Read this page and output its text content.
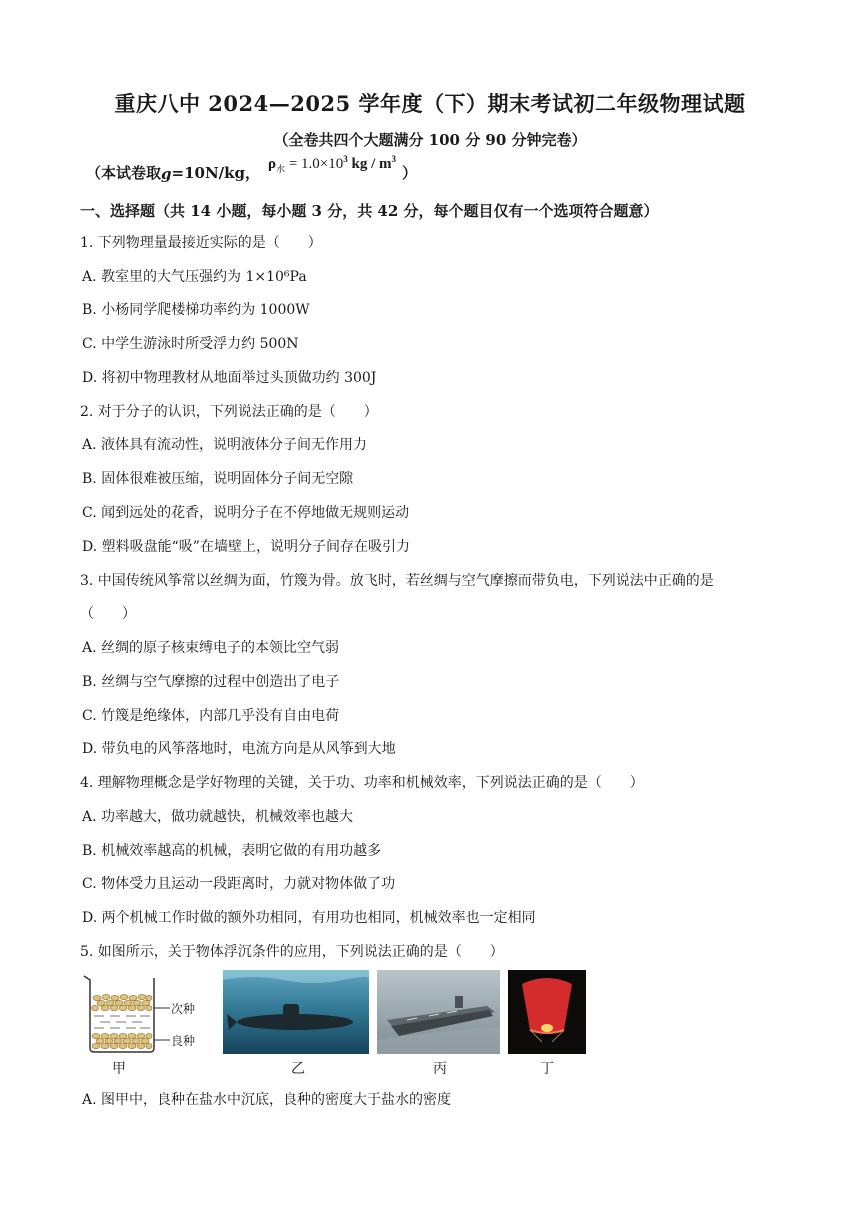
重庆八中 2024—2025 学年度（下）期末考试初二年级物理试题
（全卷共四个大题满分 100 分 90 分钟完卷）
（本试卷取 g =10N/kg， $\rho_水 = 1.0\times 10^3$ kg / $m^3$
）
一、选择题（共 14 小题，每小题 3 分，共 42 分，每个题目仅有一个选项符合题意）
1. 下列物理量最接近实际的是（　　）
A. 教室里的大气压强约为 1×10⁶Pa
B. 小杨同学爬楼梯功率约为 1000W
C. 中学生游泳时所受浮力约 500N
D. 将初中物理教材从地面举过头顶做功约 300J
2. 对于分子的认识，下列说法正确的是（　　）
A. 液体具有流动性，说明液体分子间无作用力
B. 固体很难被压缩，说明固体分子间无空隙
C. 闻到远处的花香，说明分子在不停地做无规则运动
D. 塑料吸盘能“吸”在墙壁上，说明分子间存在吸引力
3. 中国传统风筝常以丝绸为面，竹篾为骨。放飞时，若丝绸与空气摩擦而带负电，下列说法中正确的是
（　　）
A. 丝绸的原子核束缚电子的本领比空气弱
B. 丝绸与空气摩擦的过程中创造出了电子
C. 竹篾是绝缘体，内部几乎没有自由电荷
D. 带负电的风筝落地时，电流方向是从风筝到大地
4. 理解物理概念是学好物理的关键，关于功、功率和机械效率，下列说法正确的是（　　）
A. 功率越大，做功就越快，机械效率也越大
B. 机械效率越高的机械，表明它做的有用功越多
C. 物体受力且运动一段距离时，力就对物体做了功
D. 两个机械工作时做的额外功相同，有用功也相同，机械效率也一定相同
5. 如图所示，关于物体浮沉条件的应用，下列说法正确的是（　　）
次种
良种
乙	丙	丁
甲
A. 图甲中，良种在盐水中沉底，良种的密度大于盐水的密度
